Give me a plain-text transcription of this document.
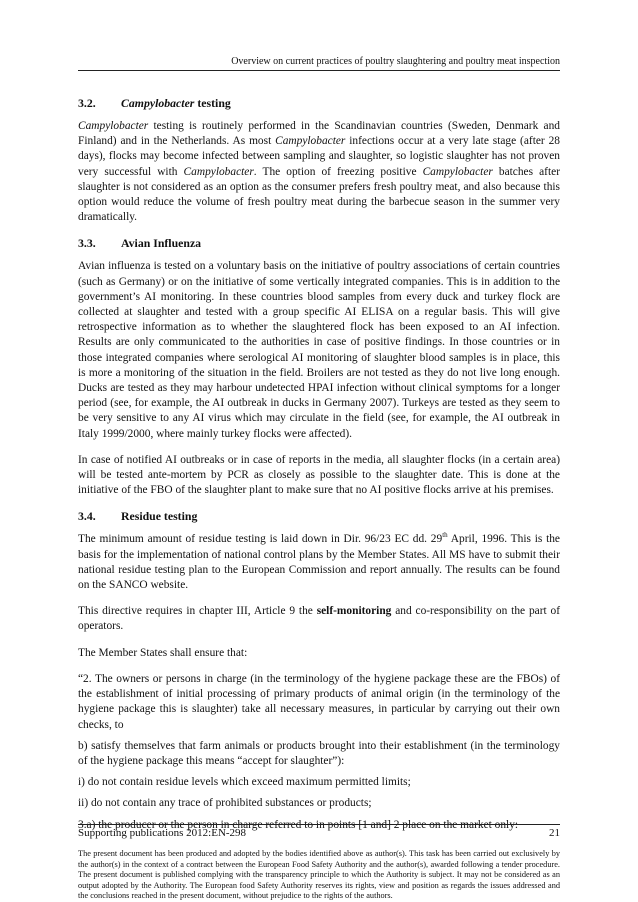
Overview on current practices of poultry slaughtering and poultry meat inspection
3.2. Campylobacter testing

Campylobacter testing is routinely performed in the Scandinavian countries (Sweden, Denmark and Finland) and in the Netherlands. As most Campylobacter infections occur at a very late stage (after 28 days), flocks may become infected between sampling and slaughter, so logistic slaughter has not proven very successful with Campylobacter. The option of freezing positive Campylobacter batches after slaughter is not considered as an option as the consumer prefers fresh poultry meat, and also because this option would reduce the volume of fresh poultry meat during the barbecue season in the summer very dramatically.

3.3. Avian Influenza

Avian influenza is tested on a voluntary basis on the initiative of poultry associations of certain countries (such as Germany) or on the initiative of some vertically integrated companies. This is in addition to the government’s AI monitoring. In these countries blood samples from every duck and turkey flock are collected at slaughter and tested with a group specific AI ELISA on a regular basis. This will give retrospective information as to whether the slaughtered flock has been exposed to an AI infection. Results are only communicated to the authorities in case of positive findings. In those countries or in those integrated companies where serological AI monitoring of slaughter blood samples is in place, this is more a monitoring of the situation in the field. Broilers are not tested as they do not live long enough. Ducks are tested as they may harbour undetected HPAI infection without clinical symptoms for a longer period (see, for example, the AI outbreak in ducks in Germany 2007). Turkeys are tested as they seem to be very sensitive to any AI virus which may circulate in the field (see, for example, the AI outbreak in Italy 1999/2000, where mainly turkey flocks were affected).

In case of notified AI outbreaks or in case of reports in the media, all slaughter flocks (in a certain area) will be tested ante-mortem by PCR as closely as possible to the slaughter date. This is done at the initiative of the FBO of the slaughter plant to make sure that no AI positive flocks arrive at his premises.

3.4. Residue testing

The minimum amount of residue testing is laid down in Dir. 96/23 EC dd. 29th April, 1996. This is the basis for the implementation of national control plans by the Member States. All MS have to submit their national residue testing plan to the European Commission and report annually. The results can be found on the SANCO website.

This directive requires in chapter III, Article 9 the self-monitoring and co-responsibility on the part of operators.

The Member States shall ensure that:

“2. The owners or persons in charge (in the terminology of the hygiene package these are the FBOs) of the establishment of initial processing of primary products of animal origin (in the terminology of the hygiene package this is slaughter) take all necessary measures, in particular by carrying out their own checks, to

b) satisfy themselves that farm animals or products brought into their establishment (in the terminology of the hygiene package this means “accept for slaughter”):

i) do not contain residue levels which exceed maximum permitted limits;

ii) do not contain any trace of prohibited substances or products;

3.a) the producer or the person in charge referred to in points [1 and] 2 place on the market only:

Supporting publications 2012:EN-298	21
The present document has been produced and adopted by the bodies identified above as author(s). This task has been carried out exclusively by the author(s) in the context of a contract between the European Food Safety Authority and the author(s), awarded following a tender procedure. The present document is published complying with the transparency principle to which the Authority is subject. It may not be considered as an output adopted by the Authority. The European food Safety Authority reserves its rights, view and position as regards the issues addressed and the conclusions reached in the present document, without prejudice to the rights of the authors.
